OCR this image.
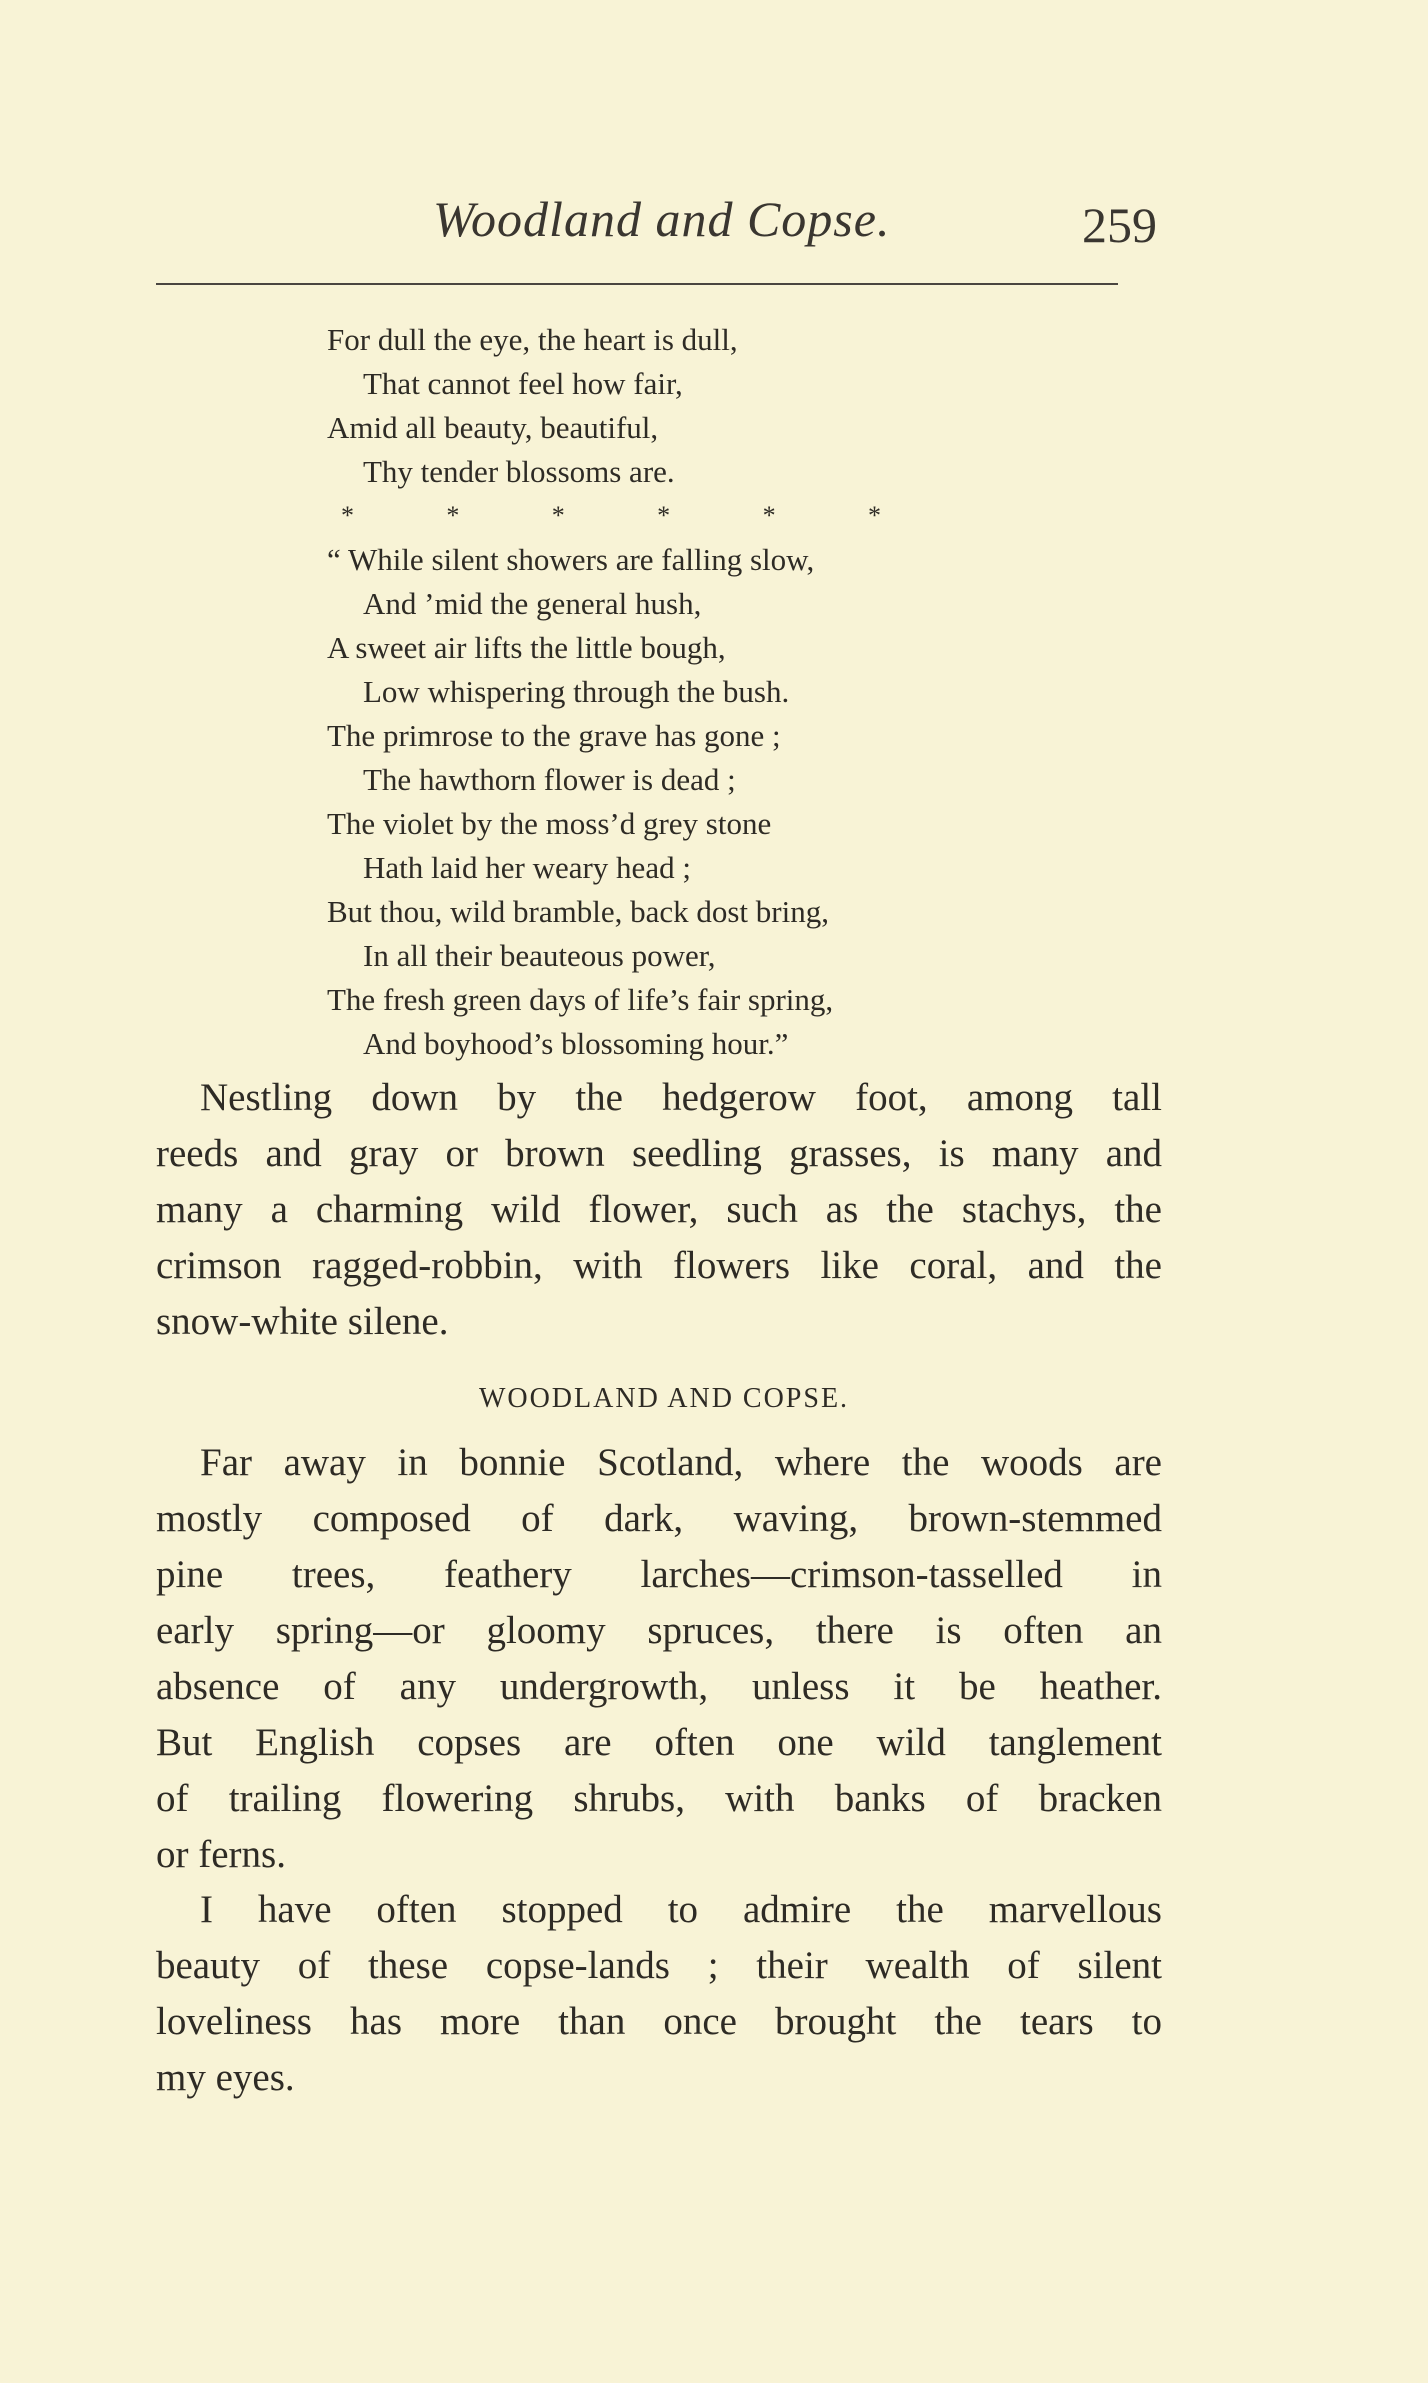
Woodland and Copse.	259
For dull the eye, the heart is dull,
That cannot feel how fair,
Amid all beauty, beautiful,
Thy tender blossoms are.
*	*	*	*	*	*
“ While silent showers are falling slow,
And ’mid the general hush,
A sweet air lifts the little bough,
Low whispering through the bush.
The primrose to the grave has gone ;
The hawthorn flower is dead ;
The violet by the moss’d grey stone
Hath laid her weary head ;
But thou, wild bramble, back dost bring,
In all their beauteous power,
The fresh green days of life’s fair spring,
And boyhood’s blossoming hour.”
Nestling down by the hedgerow foot, among tall
reeds and gray or brown seedling grasses, is many and
many a charming wild flower, such as the stachys, the
crimson ragged-robbin, with flowers like coral, and the
snow-white silene.
WOODLAND AND COPSE.
Far away in bonnie Scotland, where the woods are
mostly composed of dark, waving, brown-stemmed
pine trees, feathery larches—crimson-tasselled in
early spring—or gloomy spruces, there is often an
absence of any undergrowth, unless it be heather.
But English copses are often one wild tanglement
of trailing flowering shrubs, with banks of bracken
or ferns.
I have often stopped to admire the marvellous
beauty of these copse-lands ; their wealth of silent
loveliness has more than once brought the tears to
my eyes.
